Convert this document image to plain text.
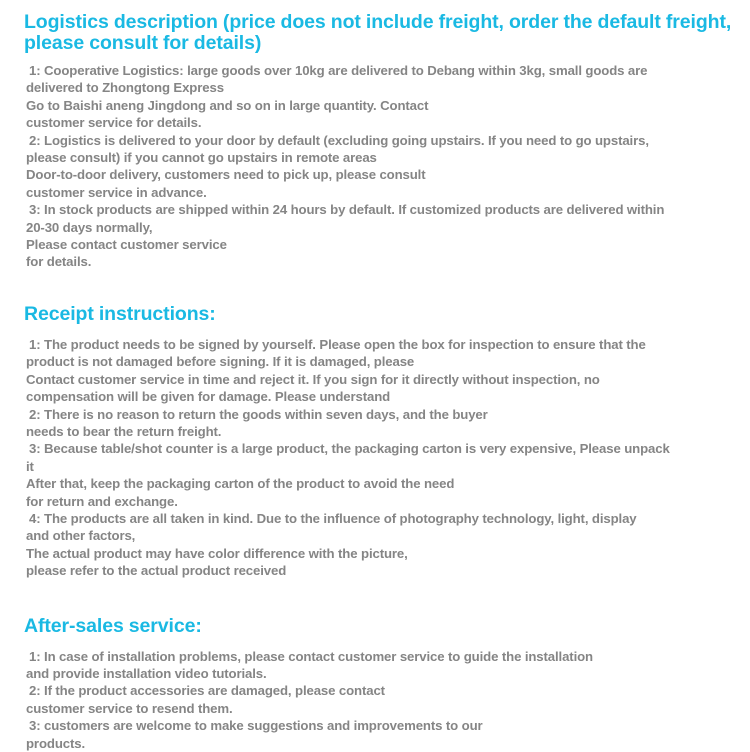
Logistics description (price does not include freight, order the default freight, please consult for details)
1: Cooperative Logistics: large goods over 10kg are delivered to Debang within 3kg, small goods are
delivered to Zhongtong Express
Go to Baishi aneng Jingdong and so on in large quantity. Contact
customer service for details.
2: Logistics is delivered to your door by default (excluding going upstairs. If you need to go upstairs,
please consult) if you cannot go upstairs in remote areas
Door-to-door delivery, customers need to pick up, please consult
customer service in advance.
3: In stock products are shipped within 24 hours by default. If customized products are delivered within
20-30 days normally,
Please contact customer service
for details.
Receipt instructions:
1: The product needs to be signed by yourself. Please open the box for inspection to ensure that the
product is not damaged before signing. If it is damaged, please
Contact customer service in time and reject it. If you sign for it directly without inspection, no
compensation will be given for damage. Please understand
2: There is no reason to return the goods within seven days, and the buyer
needs to bear the return freight.
3: Because table/shot counter is a large product, the packaging carton is very expensive, Please unpack
it
After that, keep the packaging carton of the product to avoid the need
for return and exchange.
4: The products are all taken in kind. Due to the influence of photography technology, light, display
and other factors,
The actual product may have color difference with the picture,
please refer to the actual product received
After-sales service:
1: In case of installation problems, please contact customer service to guide the installation
and provide installation video tutorials.
2: If the product accessories are damaged, please contact
customer service to resend them.
3: customers are welcome to make suggestions and improvements to our
products.
